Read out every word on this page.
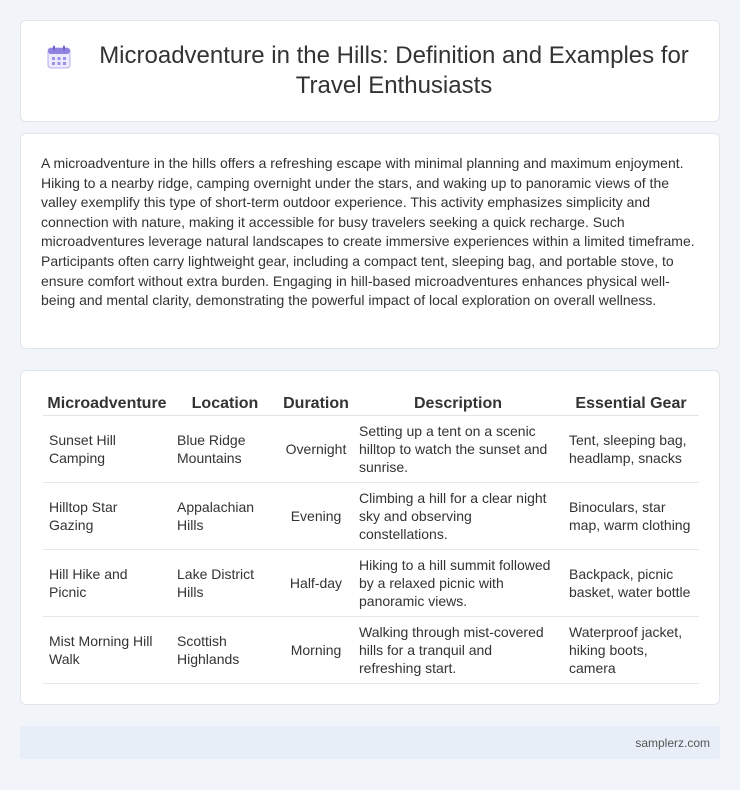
Microadventure in the Hills: Definition and Examples for Travel Enthusiasts

A microadventure in the hills offers a refreshing escape with minimal planning and maximum enjoyment. Hiking to a nearby ridge, camping overnight under the stars, and waking up to panoramic views of the valley exemplify this type of short-term outdoor experience. This activity emphasizes simplicity and connection with nature, making it accessible for busy travelers seeking a quick recharge. Such microadventures leverage natural landscapes to create immersive experiences within a limited timeframe. Participants often carry lightweight gear, including a compact tent, sleeping bag, and portable stove, to ensure comfort without extra burden. Engaging in hill-based microadventures enhances physical well-being and mental clarity, demonstrating the powerful impact of local exploration on overall wellness.

Microadventure	Location	Duration	Description	Essential Gear
Sunset Hill Camping	Blue Ridge Mountains	Overnight	Setting up a tent on a scenic hilltop to watch the sunset and sunrise.	Tent, sleeping bag, headlamp, snacks
Hilltop Star Gazing	Appalachian Hills	Evening	Climbing a hill for a clear night sky and observing constellations.	Binoculars, star map, warm clothing
Hill Hike and Picnic	Lake District Hills	Half-day	Hiking to a hill summit followed by a relaxed picnic with panoramic views.	Backpack, picnic basket, water bottle
Mist Morning Hill Walk	Scottish Highlands	Morning	Walking through mist-covered hills for a tranquil and refreshing start.	Waterproof jacket, hiking boots, camera
samplerz.com
